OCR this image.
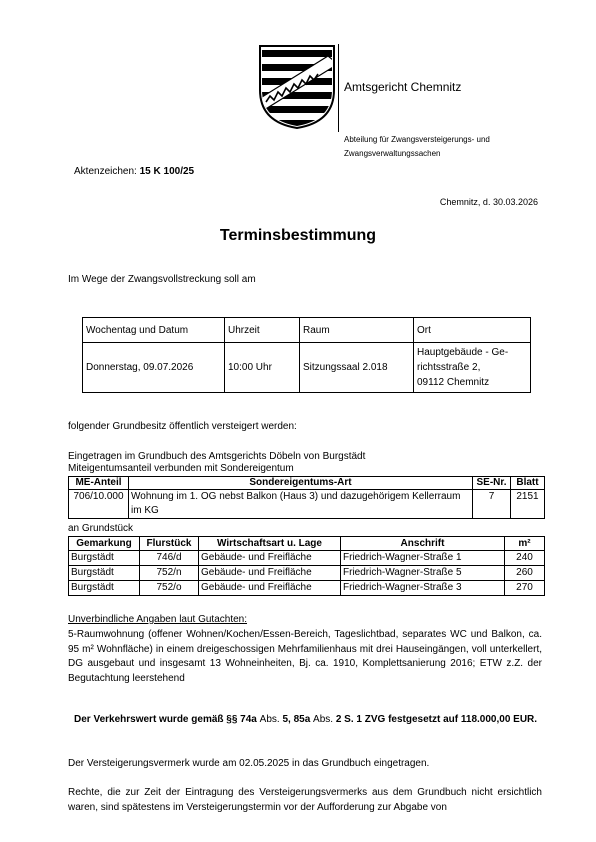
Amtsgericht Chemnitz
Abteilung für Zwangsversteigerungs- und
Zwangsverwaltungssachen
Aktenzeichen: 15 K 100/25
Chemnitz, d. 30.03.2026
Terminsbestimmung
Im Wege der Zwangsvollstreckung soll am
Wochentag und Datum	Uhrzeit	Raum	Ort
Donnerstag, 09.07.2026	10:00 Uhr	Sitzungssaal 2.018	Hauptgebäude - Ge-
richtsstraße 2,
09112 Chemnitz
folgender Grundbesitz öffentlich versteigert werden:
Eingetragen im Grundbuch des Amtsgerichts Döbeln von Burgstädt
Miteigentumsanteil verbunden mit Sondereigentum
ME-Anteil	Sondereigentums-Art	SE-Nr.	Blatt
706/10.000	Wohnung im 1. OG nebst Balkon (Haus 3) und dazugehörigem Kellerraum im KG	7	2151
an Grundstück
Gemarkung	Flurstück	Wirtschaftsart u. Lage	Anschrift	m²
Burgstädt	746/d	Gebäude- und Freifläche	Friedrich-Wagner-Straße 1	240
Burgstädt	752/n	Gebäude- und Freifläche	Friedrich-Wagner-Straße 5	260
Burgstädt	752/o	Gebäude- und Freifläche	Friedrich-Wagner-Straße 3	270
Unverbindliche Angaben laut Gutachten:
5-Raumwohnung (offener Wohnen/Kochen/Essen-Bereich, Tageslichtbad, separates WC und Balkon, ca. 95 m² Wohnfläche) in einem dreigeschossigen Mehrfamilienhaus mit drei Hauseingängen, voll unterkellert, DG ausgebaut und insgesamt 13 Wohneinheiten, Bj. ca. 1910, Komplettsanierung 2016; ETW z.Z. der Begutachtung leerstehend
Der Verkehrswert wurde gemäß §§ 74a Abs. 5, 85a Abs. 2 S. 1 ZVG festgesetzt auf 118.000,00 EUR.
Der Versteigerungsvermerk wurde am 02.05.2025 in das Grundbuch eingetragen.
Rechte, die zur Zeit der Eintragung des Versteigerungsvermerks aus dem Grundbuch nicht ersichtlich waren, sind spätestens im Versteigerungstermin vor der Aufforderung zur Abgabe von
